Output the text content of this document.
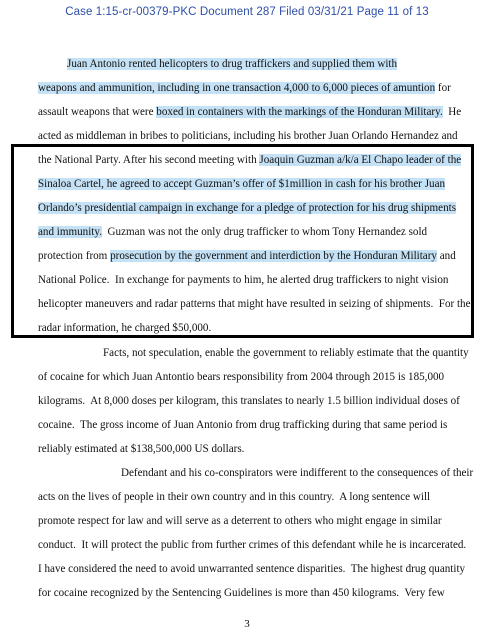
Case 1:15-cr-00379-PKC Document 287 Filed 03/31/21 Page 11 of 13
Juan Antonio rented helicopters to drug traffickers and supplied them with
weapons and ammunition, including in one transaction 4,000 to 6,000 pieces of amuntion for
assault weapons that were boxed in containers with the markings of the Honduran Military.  He
acted as middleman in bribes to politicians, including his brother Juan Orlando Hernandez and
the National Party. After his second meeting with Joaquin Guzman a/k/a El Chapo leader of the
Sinaloa Cartel, he agreed to accept Guzman’s offer of $1million in cash for his brother Juan
Orlando’s presidential campaign in exchange for a pledge of protection for his drug shipments
and immunity.  Guzman was not the only drug trafficker to whom Tony Hernandez sold
protection from prosecution by the government and interdiction by the Honduran Military and
National Police.  In exchange for payments to him, he alerted drug traffickers to night vision
helicopter maneuvers and radar patterns that might have resulted in seizing of shipments.  For the
radar information, he charged $50,000.
Facts, not speculation, enable the government to reliably estimate that the quantity
of cocaine for which Juan Antontio bears responsibility from 2004 through 2015 is 185,000
kilograms.  At 8,000 doses per kilogram, this translates to nearly 1.5 billion individual doses of
cocaine.  The gross income of Juan Antonio from drug trafficking during that same period is
reliably estimated at $138,500,000 US dollars.
Defendant and his co-conspirators were indifferent to the consequences of their
acts on the lives of people in their own country and in this country.  A long sentence will
promote respect for law and will serve as a deterrent to others who might engage in similar
conduct.  It will protect the public from further crimes of this defendant while he is incarcerated.
I have considered the need to avoid unwarranted sentence disparities.  The highest drug quantity
for cocaine recognized by the Sentencing Guidelines is more than 450 kilograms.  Very few
3
